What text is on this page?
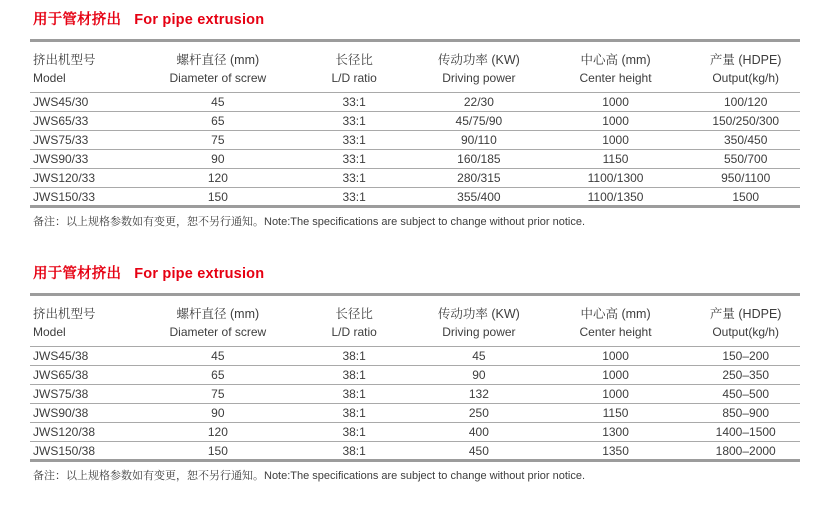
用于管材挤出 For pipe extrusion
挤出机型号	螺杆直径 (mm)	长径比	传动功率 (KW)	中心高 (mm)	产量 (HDPE)
Model	Diameter of screw	L/D ratio	Driving power	Center height	Output(kg/h)
JWS45/30	45	33:1	22/30	1000	100/120
JWS65/33	65	33:1	45/75/90	1000	150/250/300
JWS75/33	75	33:1	90/110	1000	350/450
JWS90/33	90	33:1	160/185	1150	550/700
JWS120/33	120	33:1	280/315	1100/1300	950/1100
JWS150/33	150	33:1	355/400	1100/1350	1500
备注：以上规格参数如有变更，恕不另行通知。Note:The specifications are subject to change without prior notice.
用于管材挤出 For pipe extrusion
挤出机型号	螺杆直径 (mm)	长径比	传动功率 (KW)	中心高 (mm)	产量 (HDPE)
Model	Diameter of screw	L/D ratio	Driving power	Center height	Output(kg/h)
JWS45/38	45	38:1	45	1000	150–200
JWS65/38	65	38:1	90	1000	250–350
JWS75/38	75	38:1	132	1000	450–500
JWS90/38	90	38:1	250	1150	850–900
JWS120/38	120	38:1	400	1300	1400–1500
JWS150/38	150	38:1	450	1350	1800–2000
备注：以上规格参数如有变更，恕不另行通知。Note:The specifications are subject to change without prior notice.
